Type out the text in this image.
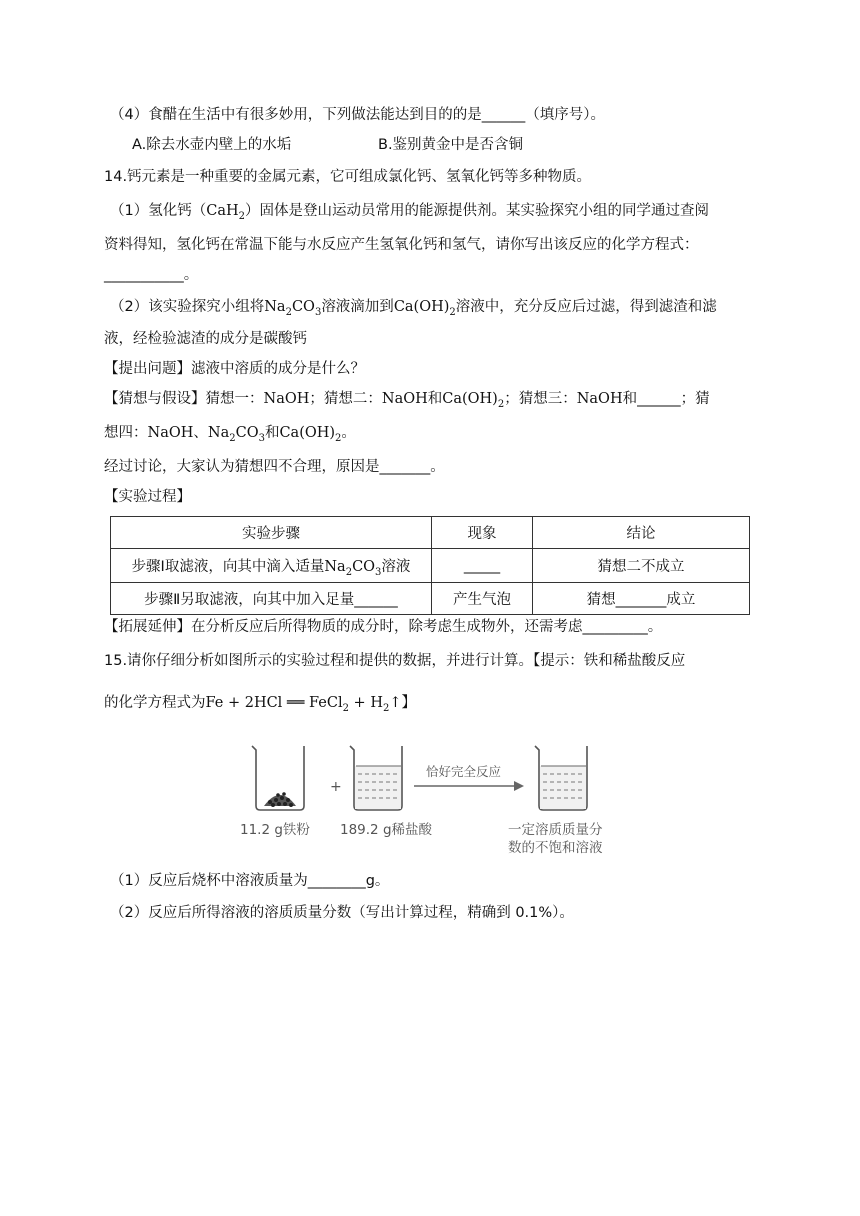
（4）食醋在生活中有很多妙用，下列做法能达到目的的是______（填序号）。
A.除去水壶内壁上的水垢	B.鉴别黄金中是否含铜
14.钙元素是一种重要的金属元素，它可组成氯化钙、氢氧化钙等多种物质。
（1）氢化钙（CaH$_2$）固体是登山运动员常用的能源提供剂。某实验探究小组的同学通过查阅
资料得知，氢化钙在常温下能与水反应产生氢氧化钙和氢气，请你写出该反应的化学方程式：
___________。
（2）该实验探究小组将$Na_2CO_3$溶液滴加到$Ca(OH)_2$溶液中，充分反应后过滤，得到滤渣和滤
液，经检验滤渣的成分是碳酸钙
【提出问题】滤液中溶质的成分是什么？
【猜想与假设】猜想一：NaOH；猜想二：NaOH和$Ca(OH)_2$；猜想三：NaOH和______；猜
想四：NaOH、$Na_2CO_3$和$Ca(OH)_2$。
经过讨论，大家认为猜想四不合理，原因是_______。
【实验过程】
实验步骤	现象	结论
步骤Ⅰ取滤液，向其中滴入适量$Na_2CO_3$溶液	_____	猜想二不成立
步骤Ⅱ另取滤液，向其中加入足量______	产生气泡	猜想_______成立
【拓展延伸】在分析反应后所得物质的成分时，除考虑生成物外，还需考虑_________。
15.请你仔细分析如图所示的实验过程和提供的数据，并进行计算。【提示：铁和稀盐酸反应
的化学方程式为Fe + 2HCl ══ FeCl$_2$ + $H_2↑$】
+
恰好完全反应
11.2 g铁粉 189.2 g稀盐酸	一定溶质质量分
数的不饱和溶液
（1）反应后烧杯中溶液质量为________g。
（2）反应后所得溶液的溶质质量分数（写出计算过程，精确到 0.1%）。
